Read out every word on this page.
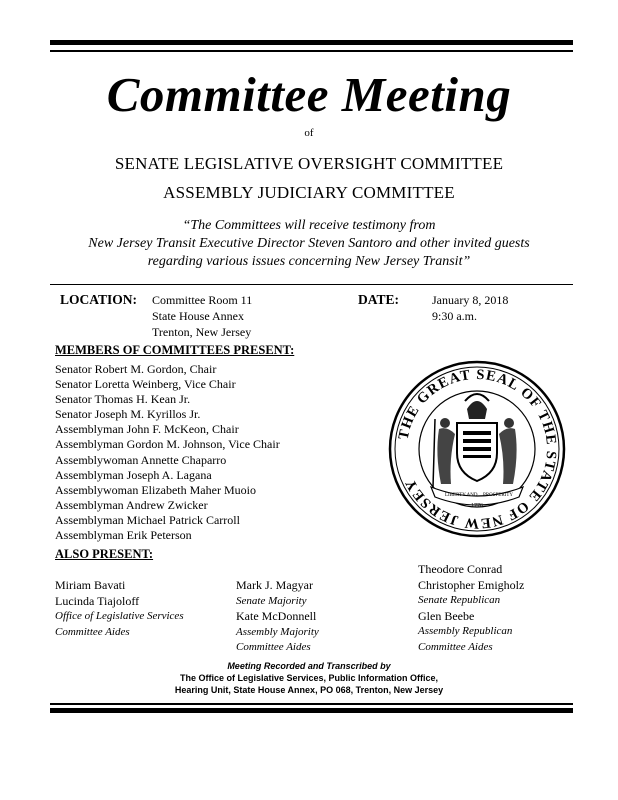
Committee Meeting
of
SENATE LEGISLATIVE OVERSIGHT COMMITTEE
ASSEMBLY JUDICIARY COMMITTEE
“The Committees will receive testimony from
New Jersey Transit Executive Director Steven Santoro and other invited guests
regarding various issues concerning New Jersey Transit”
LOCATION: Committee Room 11
State House Annex
Trenton, New Jersey
DATE:	January 8, 2018
9:30 a.m.
MEMBERS OF COMMITTEES PRESENT:
Senator Robert M. Gordon, Chair
Senator Loretta Weinberg, Vice Chair
Senator Thomas H. Kean Jr.
Senator Joseph M. Kyrillos Jr.
Assemblyman John F. McKeon, Chair
Assemblyman Gordon M. Johnson, Vice Chair
Assemblywoman Annette Chaparro
Assemblyman Joseph A. Lagana
Assemblywoman Elizabeth Maher Muoio
Assemblyman Andrew Zwicker
Assemblyman Michael Patrick Carroll
Assemblyman Erik Peterson
THE GREAT SEAL OF THE STATE OF NEW JERSEY
LIBERTY AND PROSPERITY
1776
ALSO PRESENT:
Miriam Bavati
Lucinda Tiajoloff
Office of Legislative Services
Committee Aides
Mark J. Magyar
Senate Majority
Kate McDonnell
Assembly Majority
Committee Aides
Theodore Conrad
Christopher Emigholz
Senate Republican
Glen Beebe
Assembly Republican
Committee Aides
Meeting Recorded and Transcribed by
The Office of Legislative Services, Public Information Office,
Hearing Unit, State House Annex, PO 068, Trenton, New Jersey
